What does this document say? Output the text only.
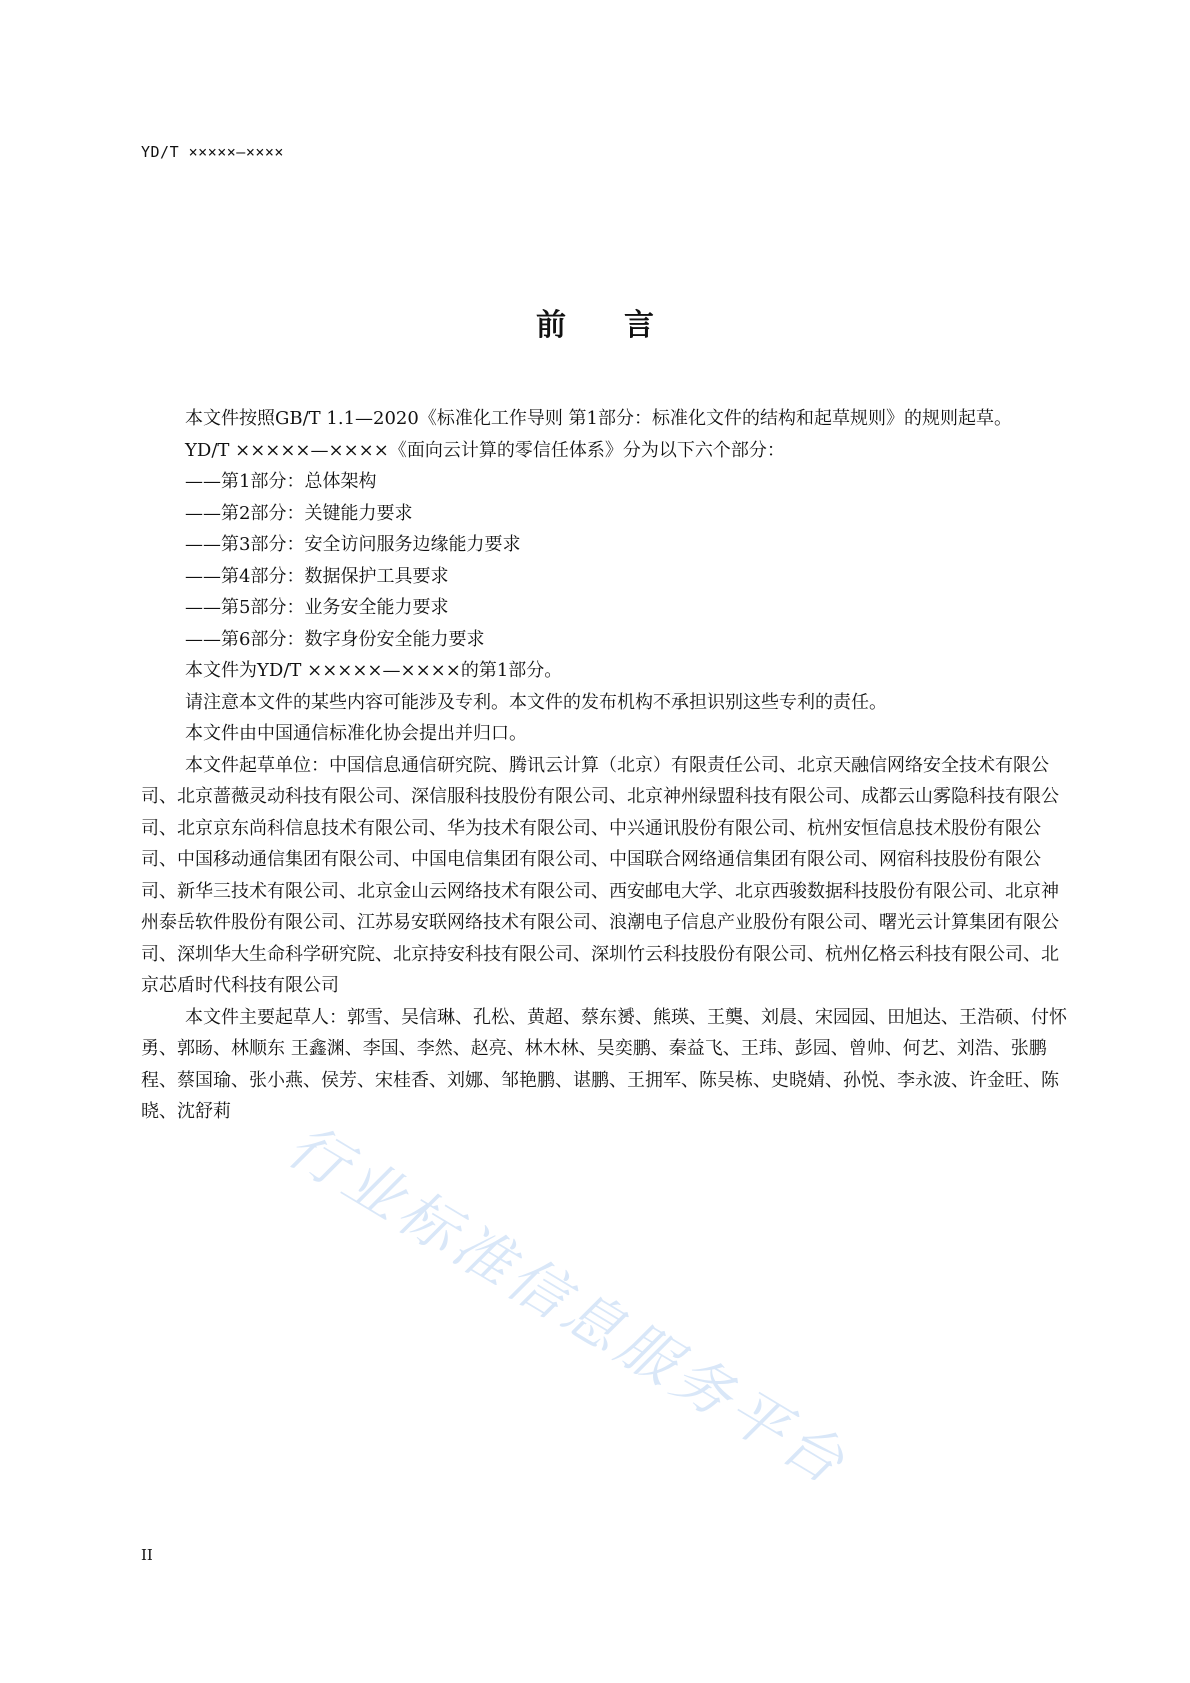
YD/T ×××××—××××
前言

本文件按照GB/T 1.1—2020《标准化工作导则 第1部分：标准化文件的结构和起草规则》的规则起草。

YD/T ×××××—××××《面向云计算的零信任体系》分为以下六个部分：

——第1部分：总体架构

——第2部分：关键能力要求

——第3部分：安全访问服务边缘能力要求

——第4部分：数据保护工具要求

——第5部分：业务安全能力要求

——第6部分：数字身份安全能力要求

本文件为YD/T ×××××—××××的第1部分。

请注意本文件的某些内容可能涉及专利。本文件的发布机构不承担识别这些专利的责任。

本文件由中国通信标准化协会提出并归口。

本文件起草单位：中国信息通信研究院、腾讯云计算（北京）有限责任公司、北京天融信网络安全技术有限公司、北京蔷薇灵动科技有限公司、深信服科技股份有限公司、北京神州绿盟科技有限公司、成都云山雾隐科技有限公司、北京京东尚科信息技术有限公司、华为技术有限公司、中兴通讯股份有限公司、杭州安恒信息技术股份有限公司、中国移动通信集团有限公司、中国电信集团有限公司、中国联合网络通信集团有限公司、网宿科技股份有限公司、新华三技术有限公司、北京金山云网络技术有限公司、西安邮电大学、北京西骏数据科技股份有限公司、北京神州泰岳软件股份有限公司、江苏易安联网络技术有限公司、浪潮电子信息产业股份有限公司、曙光云计算集团有限公司、深圳华大生命科学研究院、北京持安科技有限公司、深圳竹云科技股份有限公司、杭州亿格云科技有限公司、北京芯盾时代科技有限公司

本文件主要起草人：郭雪、吴信琳、孔松、黄超、蔡东赟、熊瑛、王龑、刘晨、宋园园、田旭达、王浩硕、付怀勇、郭旸、林顺东 王鑫渊、李国、李然、赵亮、林木林、吴奕鹏、秦益飞、王玮、彭园、曾帅、何艺、刘浩、张鹏程、蔡国瑜、张小燕、侯芳、宋桂香、刘娜、邹艳鹏、谌鹏、王拥军、陈吴栋、史晓婧、孙悦、李永波、许金旺、陈晓、沈舒莉 行业标准信息服务平台
II
